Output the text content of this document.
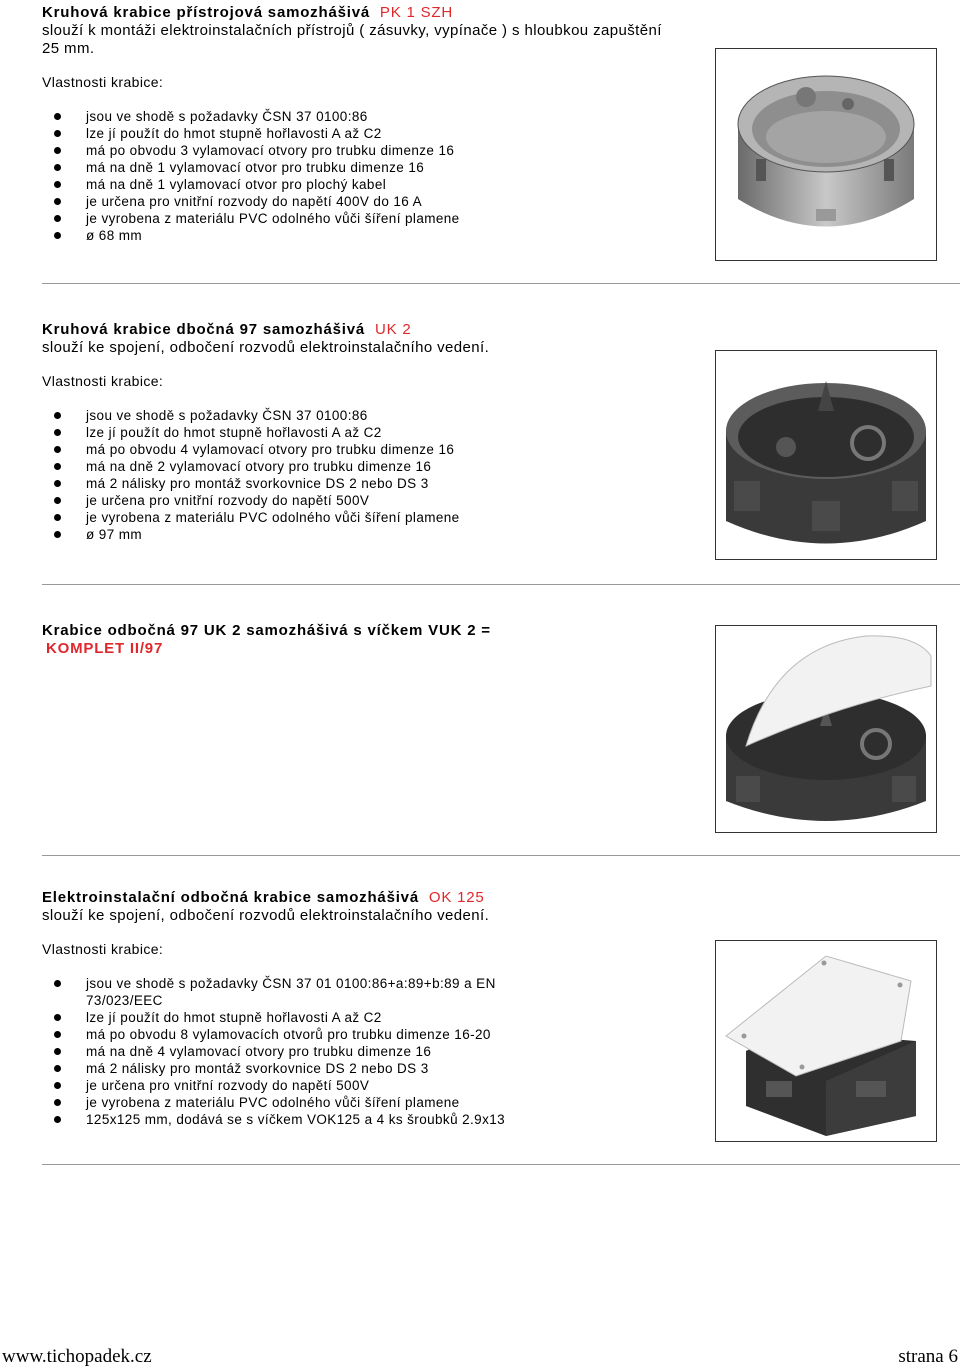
Kruhová krabice přístrojová samozhášivá PK 1 SZH
slouží k montáži elektroinstalačních přístrojů ( zásuvky, vypínače ) s hloubkou zapuštění 25 mm.
Vlastnosti krabice:
jsou ve shodě s požadavky ČSN 37 0100:86
lze jí použít do hmot stupně hořlavosti A až C2
má po obvodu 3 vylamovací otvory pro trubku dimenze 16
má na dně 1 vylamovací otvor pro trubku dimenze 16
má na dně 1 vylamovací otvor pro plochý kabel
je určena pro vnitřní rozvody do napětí 400V do 16 A
je vyrobena z materiálu PVC odolného vůči šíření plamene
ø 68 mm
Kruhová krabice dbočná 97 samozhášivá UK 2
slouží ke spojení, odbočení rozvodů elektroinstalačního vedení.
Vlastnosti krabice:
jsou ve shodě s požadavky ČSN 37 0100:86
lze jí použít do hmot stupně hořlavosti A až C2
má po obvodu 4 vylamovací otvory pro trubku dimenze 16
má na dně 2 vylamovací otvory pro trubku dimenze 16
má 2 nálisky pro montáž svorkovnice DS 2 nebo DS 3
je určena pro vnitřní rozvody do napětí 500V
je vyrobena z materiálu PVC odolného vůči šíření plamene
ø 97 mm
Krabice odbočná 97 UK 2 samozhášivá s víčkem VUK 2 =
KOMPLET II/97
Elektroinstalační odbočná krabice samozhášivá OK 125
slouží ke spojení, odbočení rozvodů elektroinstalačního vedení.
Vlastnosti krabice:
jsou ve shodě s požadavky ČSN 37 01 0100:86+a:89+b:89 a EN 73/023/EEC
lze jí použít do hmot stupně hořlavosti A až C2
má po obvodu 8 vylamovacích otvorů pro trubku dimenze 16-20
má na dně 4 vylamovací otvory pro trubku dimenze 16
má 2 nálisky pro montáž svorkovnice DS 2 nebo DS 3
je určena pro vnitřní rozvody do napětí 500V
je vyrobena z materiálu PVC odolného vůči šíření plamene
125x125 mm, dodává se s víčkem VOK125 a 4 ks šroubků 2.9x13
www.tichopadek.cz	strana 6
